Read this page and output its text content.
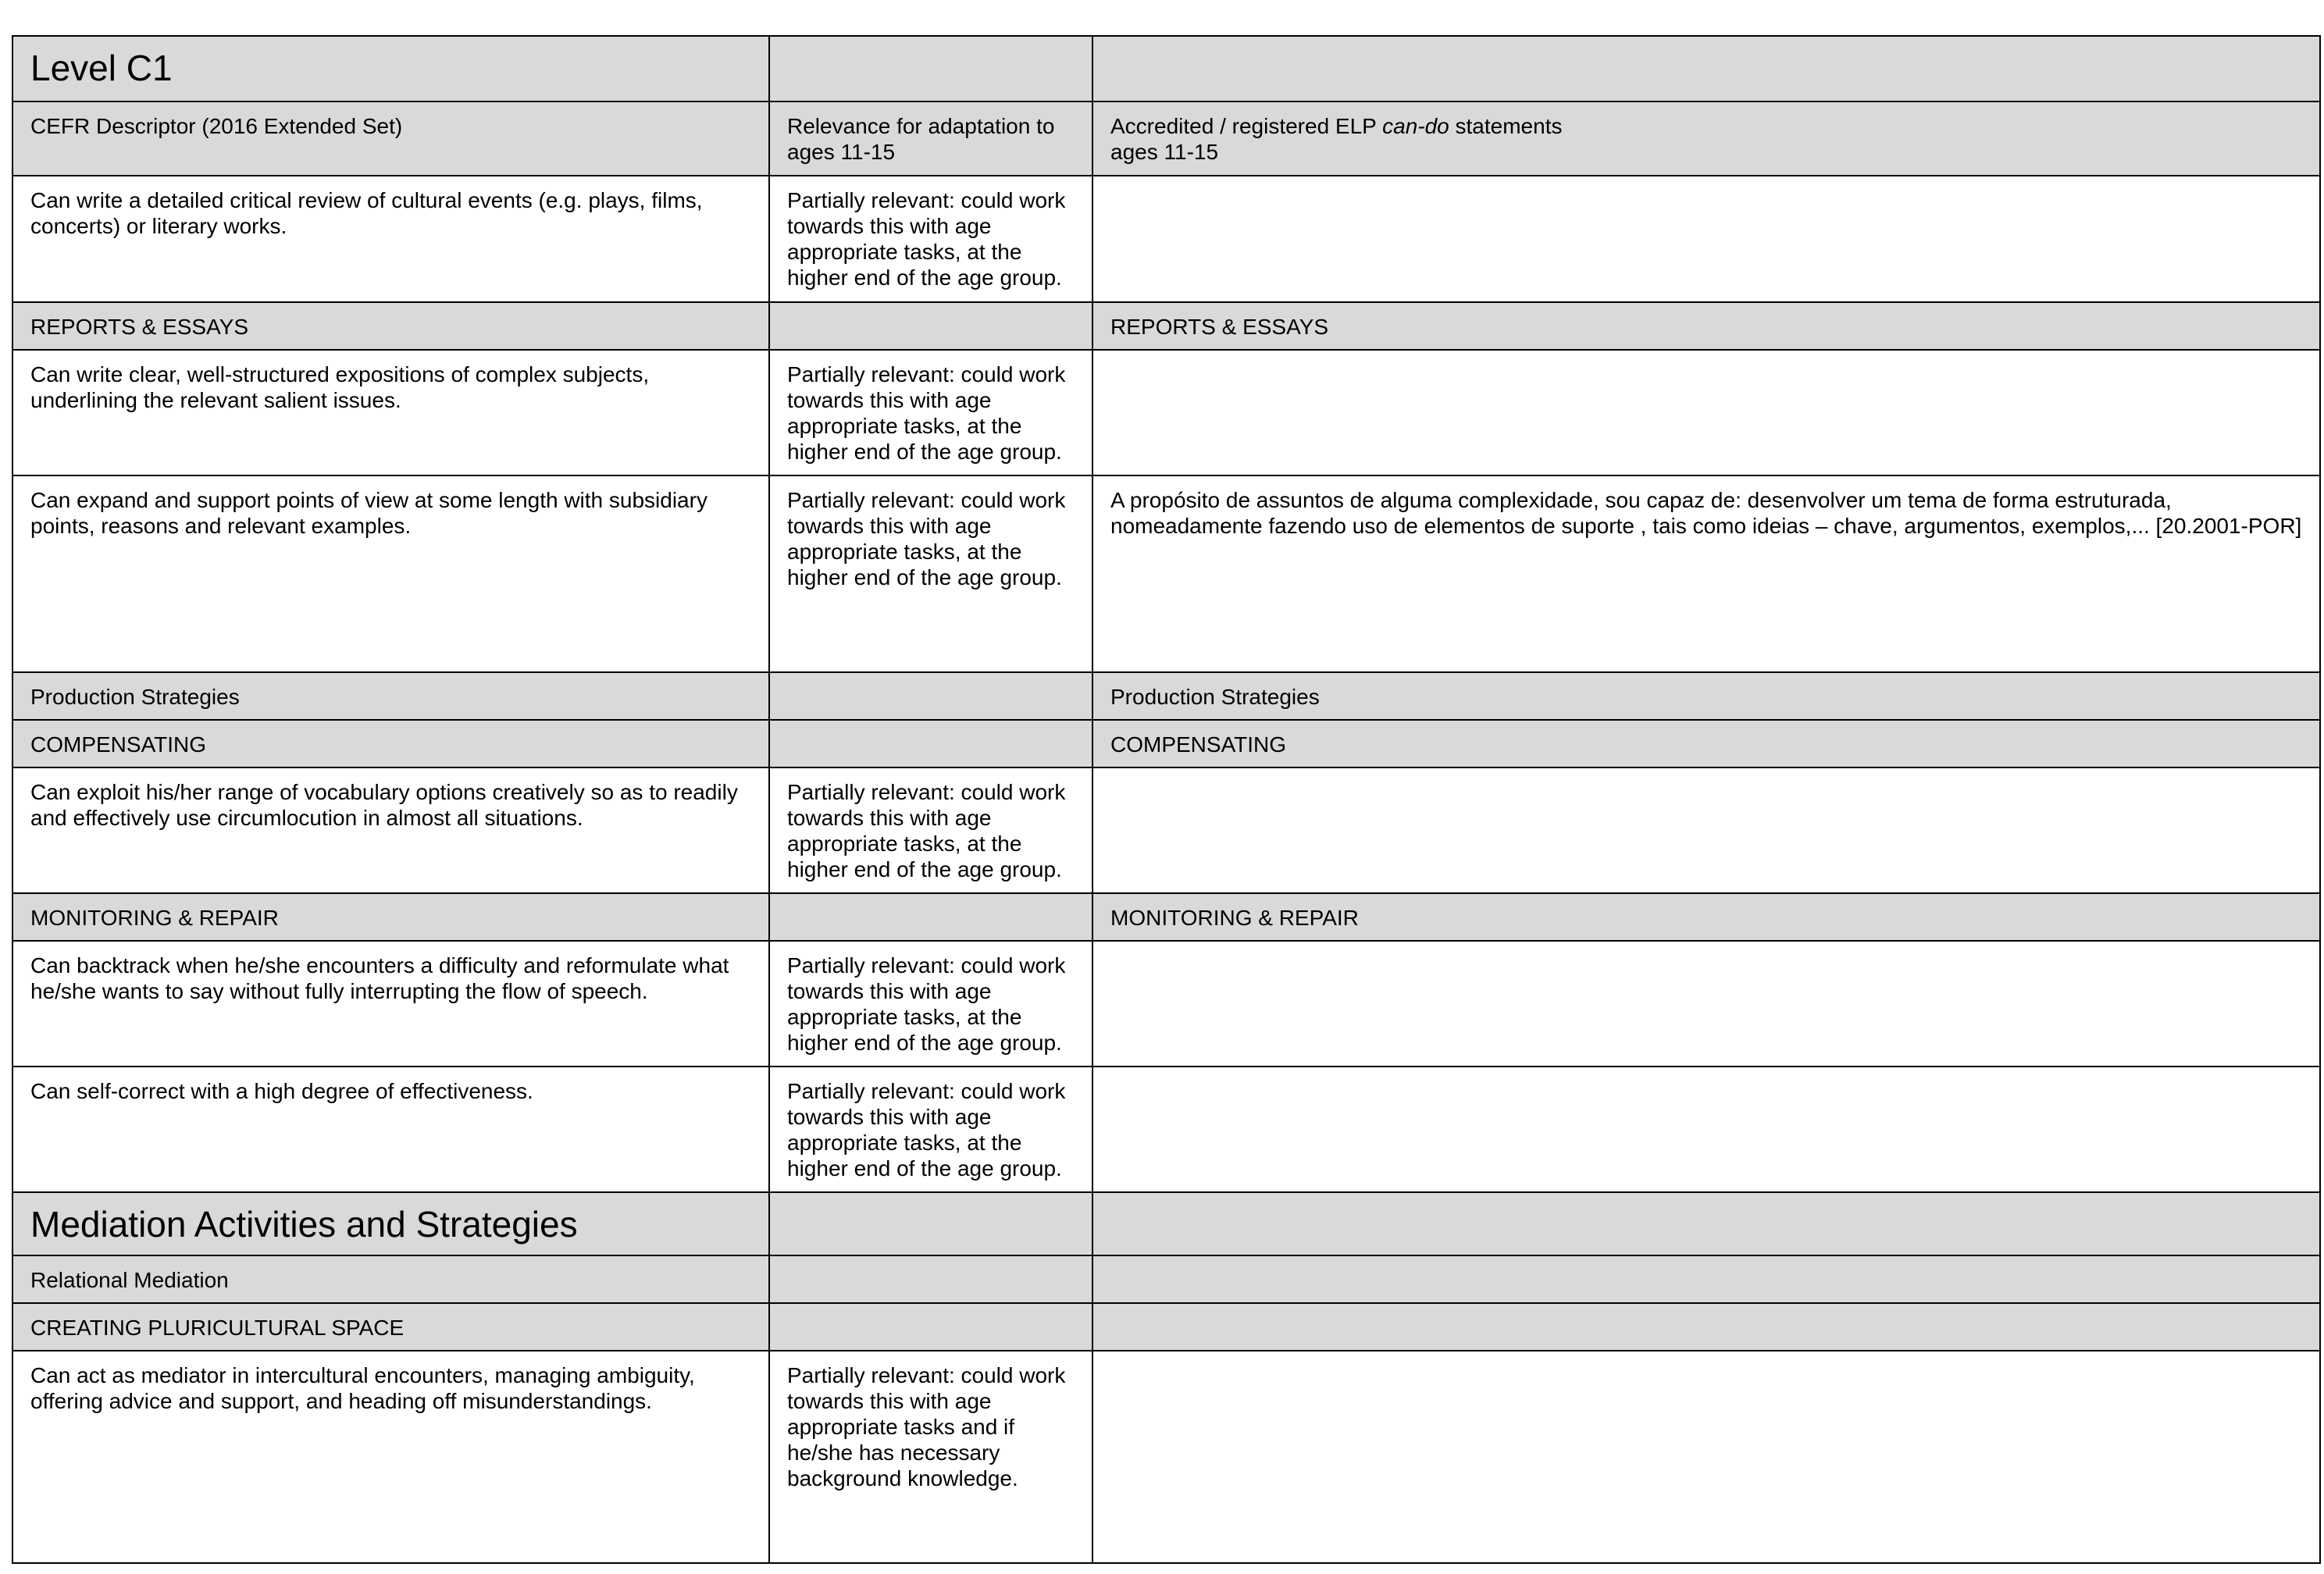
Level C1		

CEFR Descriptor (2016 Extended Set)	Relevance for adaptation to ages 11-15	Accredited / registered ELP can-do statements
ages 11-15

Can write a detailed critical review of cultural events (e.g. plays, films, concerts) or literary works.	Partially relevant: could work towards this with age appropriate tasks, at the higher end of the age group.	
REPORTS & ESSAYS		REPORTS & ESSAYS
Can write clear, well-structured expositions of complex subjects, underlining the relevant salient issues.	Partially relevant: could work towards this with age appropriate tasks, at the higher end of the age group.	
Can expand and support points of view at some length with subsidiary points, reasons and relevant examples.	Partially relevant: could work towards this with age appropriate tasks, at the higher end of the age group.	A propósito de assuntos de alguma complexidade, sou capaz de: desenvolver um tema de forma estruturada, nomeadamente fazendo uso de elementos de suporte , tais como ideias – chave, argumentos, exemplos,... [20.2001-POR]
Production Strategies		Production Strategies
COMPENSATING		COMPENSATING
Can exploit his/her range of vocabulary options creatively so as to readily and effectively use circumlocution in almost all situations.	Partially relevant: could work towards this with age appropriate tasks, at the higher end of the age group.	
MONITORING & REPAIR		MONITORING & REPAIR
Can backtrack when he/she encounters a difficulty and reformulate what he/she wants to say without fully interrupting the flow of speech.	Partially relevant: could work towards this with age appropriate tasks, at the higher end of the age group.	
Can self-correct with a high degree of effectiveness.	Partially relevant: could work towards this with age appropriate tasks, at the higher end of the age group.	

Mediation Activities and Strategies		

Relational Mediation		
CREATING PLURICULTURAL SPACE		
Can act as mediator in intercultural encounters, managing ambiguity, offering advice and support, and heading off misunderstandings.	Partially relevant: could work towards this with age appropriate tasks and if he/she has necessary background knowledge.	
